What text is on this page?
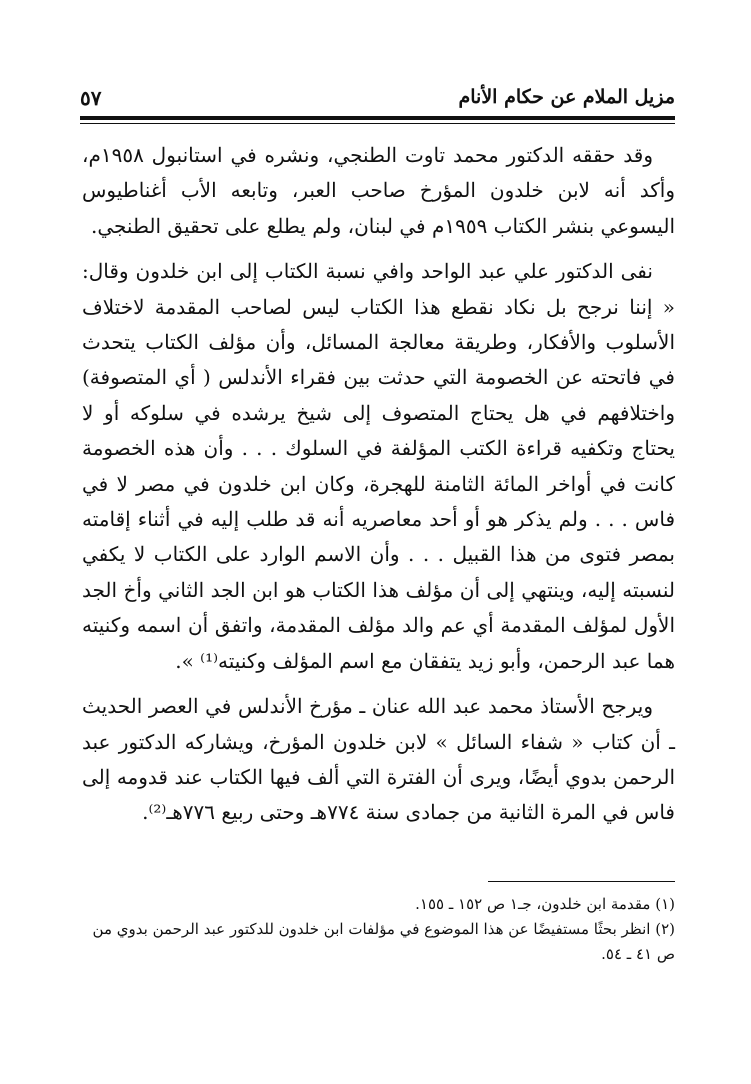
مزيل الملام عن حكام الأنام
٥٧

وقد حققه الدكتور محمد تاوت الطنجي، ونشره في استانبول ١٩٥٨م، وأكد أنه لابن خلدون المؤرخ صاحب العبر، وتابعه الأب أغناطيوس اليسوعي بنشر الكتاب ١٩٥٩م في لبنان، ولم يطلع على تحقيق الطنجي.

نفى الدكتور علي عبد الواحد وافي نسبة الكتاب إلى ابن خلدون وقال: « إننا نرجح بل نكاد نقطع هذا الكتاب ليس لصاحب المقدمة لاختلاف الأسلوب والأفكار، وطريقة معالجة المسائل، وأن مؤلف الكتاب يتحدث في فاتحته عن الخصومة التي حدثت بين فقراء الأندلس ( أي المتصوفة) واختلافهم في هل يحتاج المتصوف إلى شيخ يرشده في سلوكه أو لا يحتاج وتكفيه قراءة الكتب المؤلفة في السلوك . . . وأن هذه الخصومة كانت في أواخر المائة الثامنة للهجرة، وكان ابن خلدون في مصر لا في فاس . . . ولم يذكر هو أو أحد معاصريه أنه قد طلب إليه في أثناء إقامته بمصر فتوى من هذا القبيل . . . وأن الاسم الوارد على الكتاب لا يكفي لنسبته إليه، وينتهي إلى أن مؤلف هذا الكتاب هو ابن الجد الثاني وأخ الجد الأول لمؤلف المقدمة أي عم والد مؤلف المقدمة، واتفق أن اسمه وكنيته هما عبد الرحمن، وأبو زيد يتفقان مع اسم المؤلف وكنيته⁽¹⁾ ».

ويرجح الأستاذ محمد عبد الله عنان ـ مؤرخ الأندلس في العصر الحديث ـ أن كتاب « شفاء السائل » لابن خلدون المؤرخ، ويشاركه الدكتور عبد الرحمن بدوي أيضًا، ويرى أن الفترة التي ألف فيها الكتاب عند قدومه إلى فاس في المرة الثانية من جمادى سنة ٧٧٤هـ وحتى ربيع ٧٧٦هـ⁽²⁾.

(١) مقدمة ابن خلدون، جـ١ ص ١٥٢ ـ ١٥٥.

(٢) انظر بحثًا مستفيضًا عن هذا الموضوع في مؤلفات ابن خلدون للدكتور عبد الرحمن بدوي من ص ٤١ ـ ٥٤.
